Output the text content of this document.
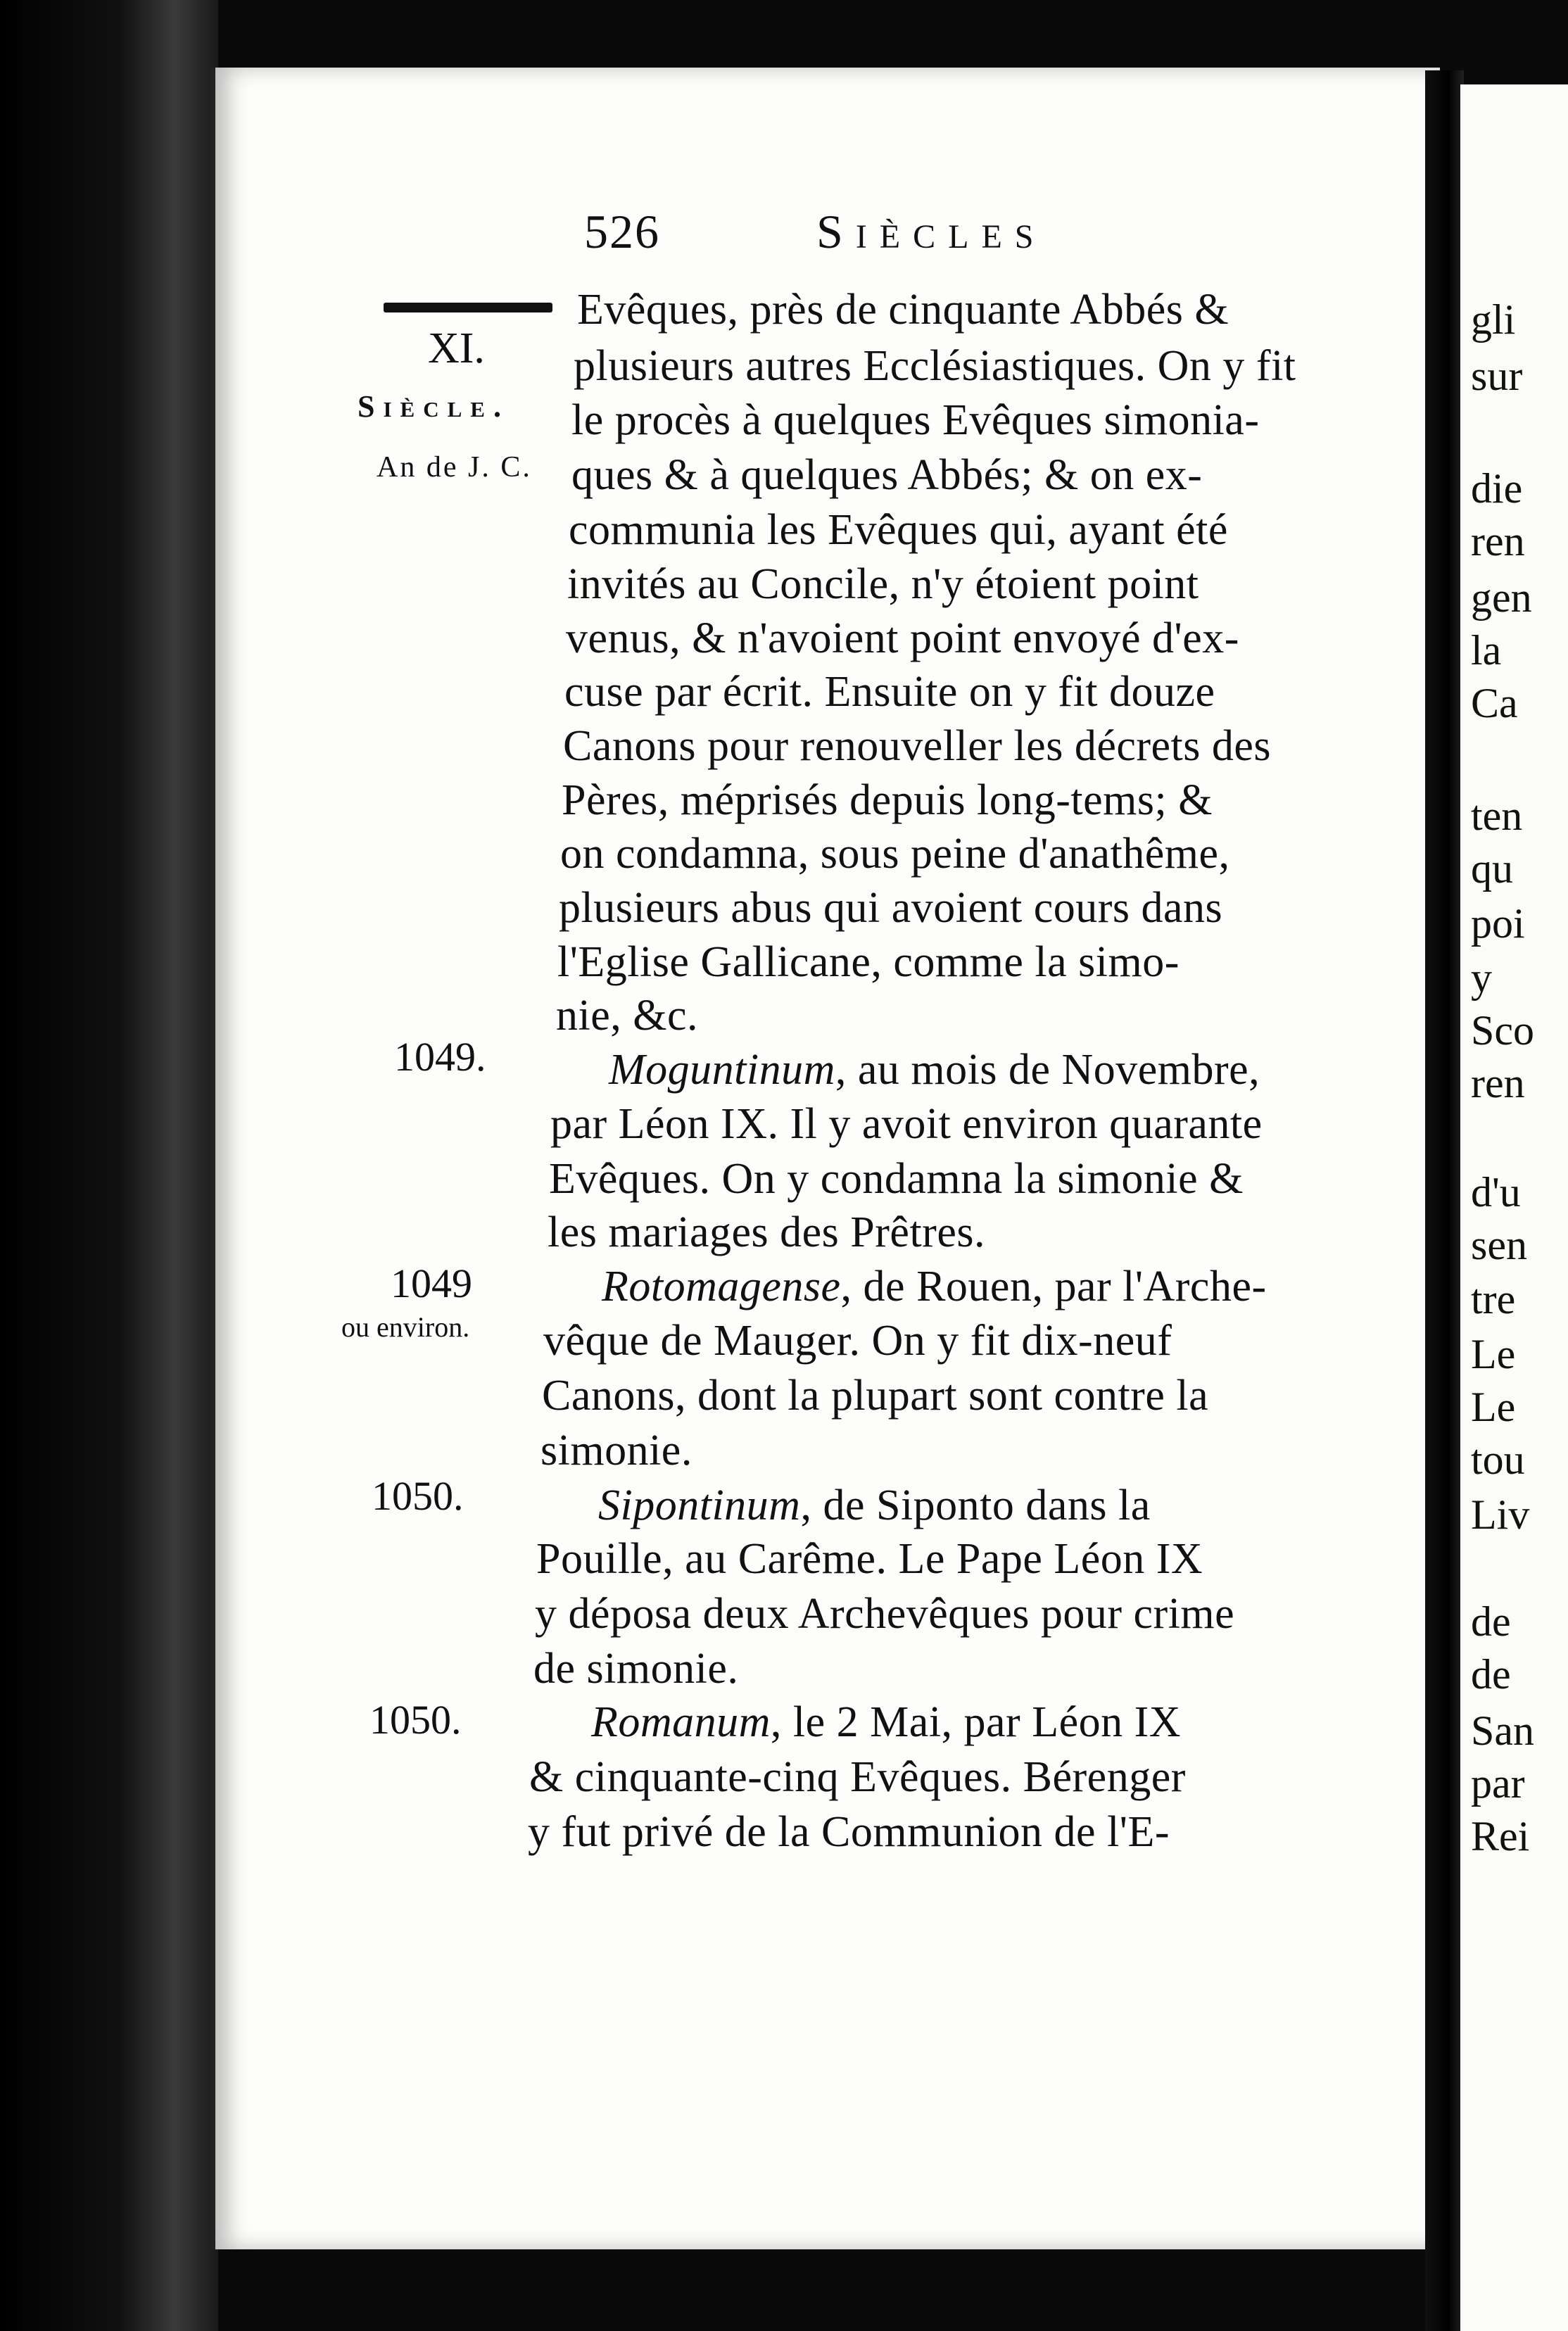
526	Siècles
XI.
Siècle.
An de J. C.
Evêques, près de cinquante Abbés &
plusieurs autres Ecclésiastiques. On y fit
le procès à quelques Evêques simonia-
ques & à quelques Abbés; & on ex-
communia les Evêques qui, ayant été
invités au Concile, n'y étoient point
venus, & n'avoient point envoyé d'ex-
cuse par écrit. Ensuite on y fit douze
Canons pour renouveller les décrets des
Pères, méprisés depuis long-tems; &
on condamna, sous peine d'anathême,
plusieurs abus qui avoient cours dans
l'Eglise Gallicane, comme la simo-
nie, &c.
1049.	Moguntinum, au mois de Novembre,
par Léon IX. Il y avoit environ quarante
Evêques. On y condamna la simonie &
les mariages des Prêtres.
1049
ou environ.
Rotomagense, de Rouen, par l'Arche-
vêque de Mauger. On y fit dix-neuf
Canons, dont la plupart sont contre la
simonie.
1050.	Sipontinum, de Siponto dans la
Pouille, au Carême. Le Pape Léon IX
y déposa deux Archevêques pour crime
de simonie.
1050.	Romanum, le 2 Mai, par Léon IX
& cinquante-cinq Evêques. Bérenger
y fut privé de la Communion de l'E-
gli
sur
die
ren
gen
la
Ca
ten
qu
poi
y
Sco
ren
d'u
sen
tre
Le
Le
tou
Liv
de
de
San
par
Rei
